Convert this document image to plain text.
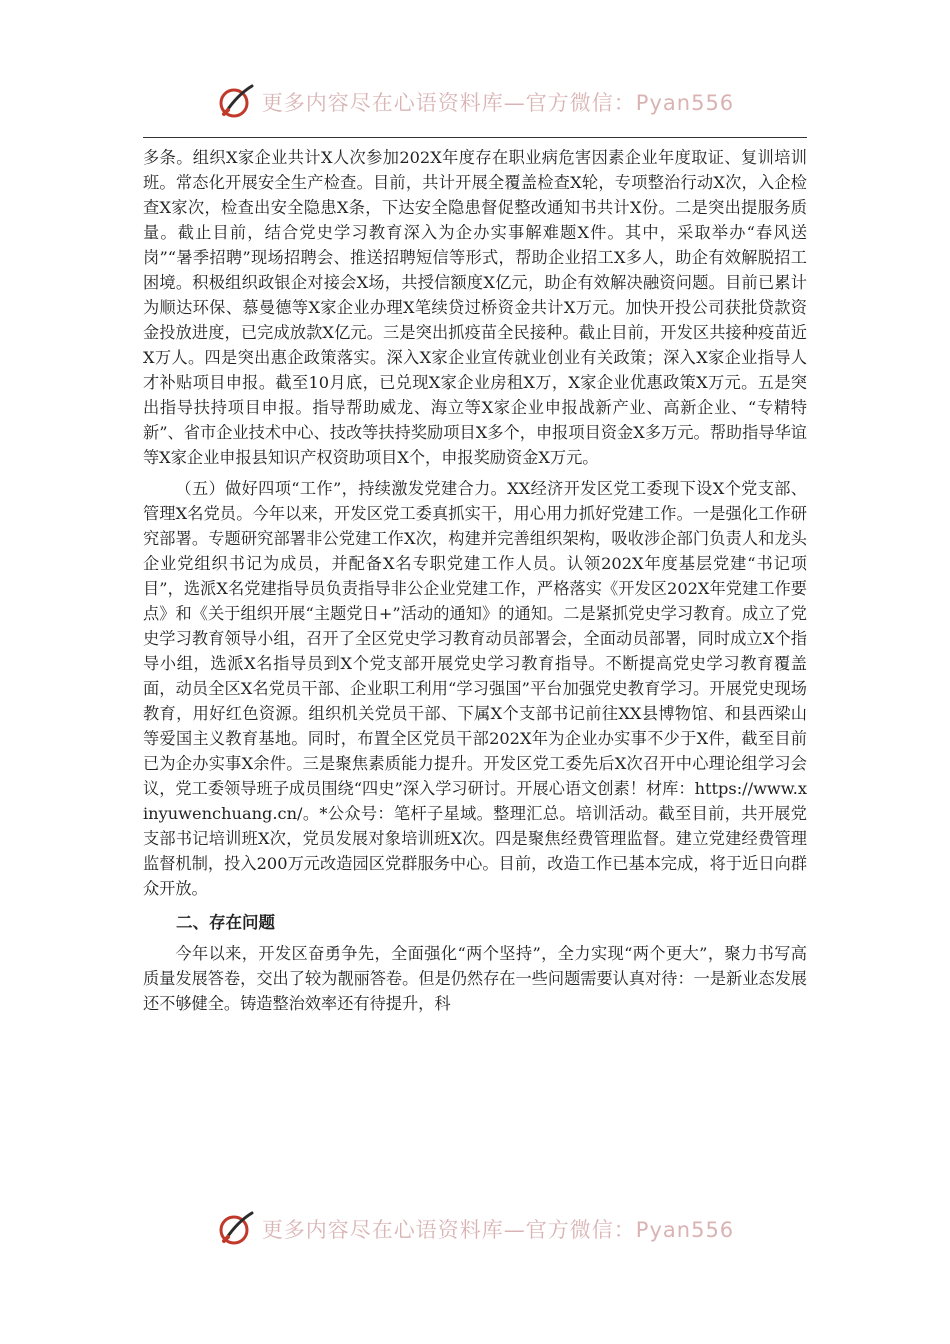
更多内容尽在心语资料库—官方微信：Pyan556

多条。组织X家企业共计X人次参加202X年度存在职业病危害因素企业年度取证、复训培训班。常态化开展安全生产检查。目前，共计开展全覆盖检查X轮，专项整治行动X次，入企检查X家次，检查出安全隐患X条，下达安全隐患督促整改通知书共计X份。二是突出提服务质量。截止目前，结合党史学习教育深入为企办实事解难题X件。其中，采取举办“春风送岗”“暑季招聘”现场招聘会、推送招聘短信等形式，帮助企业招工X多人，助企有效解脱招工困境。积极组织政银企对接会X场，共授信额度X亿元，助企有效解决融资问题。目前已累计为顺达环保、慕曼德等X家企业办理X笔续贷过桥资金共计X万元。加快开投公司获批贷款资金投放进度，已完成放款X亿元。三是突出抓疫苗全民接种。截止目前，开发区共接种疫苗近X万人。四是突出惠企政策落实。深入X家企业宣传就业创业有关政策；深入X家企业指导人才补贴项目申报。截至10月底，已兑现X家企业房租X万，X家企业优惠政策X万元。五是突出指导扶持项目申报。指导帮助威龙、海立等X家企业申报战新产业、高新企业、“专精特新”、省市企业技术中心、技改等扶持奖励项目X多个，申报项目资金X多万元。帮助指导华谊等X家企业申报县知识产权资助项目X个，申报奖励资金X万元。

（五）做好四项“工作”，持续激发党建合力。XX经济开发区党工委现下设X个党支部、管理X名党员。今年以来，开发区党工委真抓实干，用心用力抓好党建工作。一是强化工作研究部署。专题研究部署非公党建工作X次，构建并完善组织架构，吸收涉企部门负责人和龙头企业党组织书记为成员，并配备X名专职党建工作人员。认领202X年度基层党建“书记项目”，选派X名党建指导员负责指导非公企业党建工作，严格落实《开发区202X年党建工作要点》和《关于组织开展“主题党日+”活动的通知》的通知。二是紧抓党史学习教育。成立了党史学习教育领导小组，召开了全区党史学习教育动员部署会，全面动员部署，同时成立X个指导小组，选派X名指导员到X个党支部开展党史学习教育指导。不断提高党史学习教育覆盖面，动员全区X名党员干部、企业职工利用“学习强国”平台加强党史教育学习。开展党史现场教育，用好红色资源。组织机关党员干部、下属X个支部书记前往XX县博物馆、和县西梁山等爱国主义教育基地。同时，布置全区党员干部202X年为企业办实事不少于X件，截至目前已为企办实事X余件。三是聚焦素质能力提升。开发区党工委先后X次召开中心理论组学习会议，党工委领导班子成员围绕“四史”深入学习研讨。开展心语文创素！材库：https://www.xinyuwenchuang.cn/。*公众号：笔杆子星域。整理汇总。培训活动。截至目前，共开展党支部书记培训班X次，党员发展对象培训班X次。四是聚焦经费管理监督。建立党建经费管理监督机制，投入200万元改造园区党群服务中心。目前，改造工作已基本完成，将于近日向群众开放。

二、存在问题

今年以来，开发区奋勇争先，全面强化“两个坚持”，全力实现“两个更大”，聚力书写高质量发展答卷，交出了较为靓丽答卷。但是仍然存在一些问题需要认真对待：一是新业态发展还不够健全。铸造整治效率还有待提升，科

更多内容尽在心语资料库—官方微信：Pyan556
